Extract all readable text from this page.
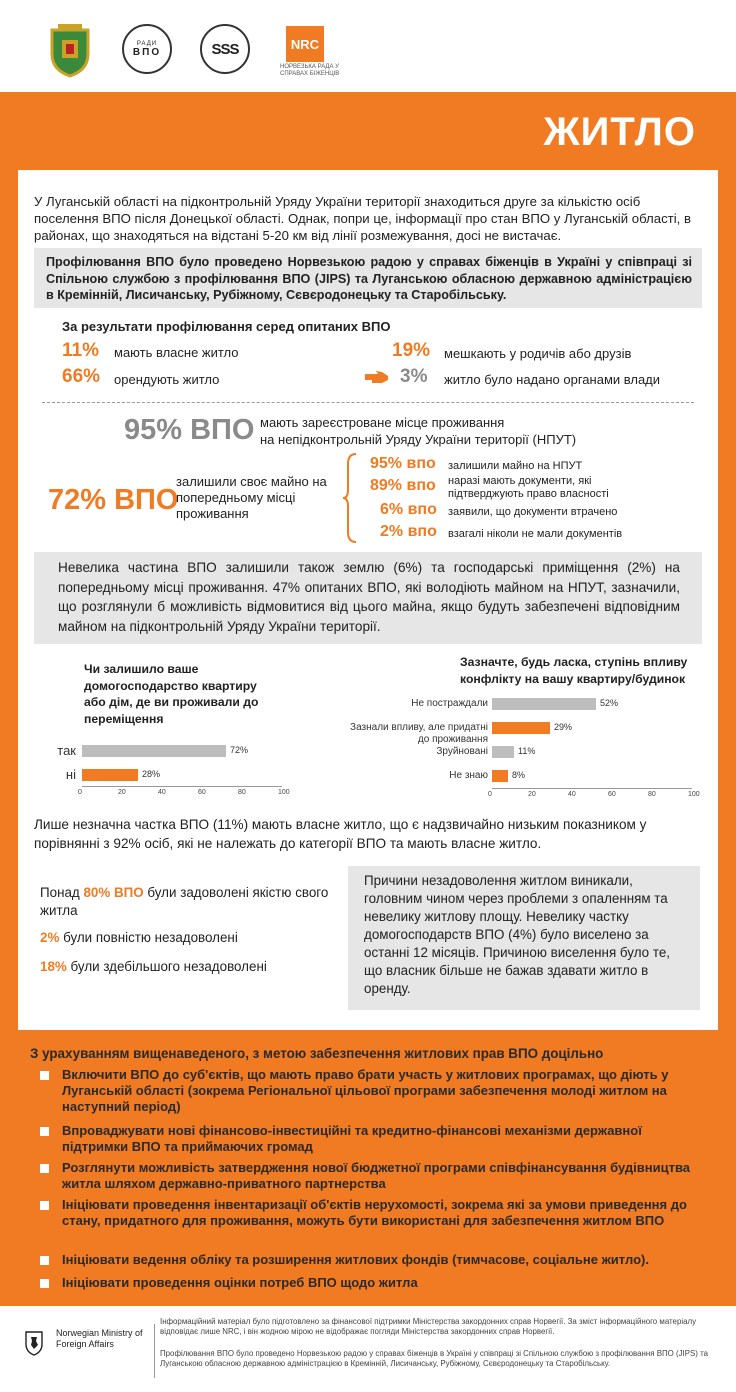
РАДИ
ВПО	SSS	NRC
НОРВЕЗЬКА РАДА У СПРАВАХ БІЖЕНЦІВ
ЖИТЛО
У Луганській області на підконтрольній Уряду України території знаходиться друге за кількістю осіб поселення ВПО після Донецької області. Однак, попри це, інформації про стан ВПО у Луганській області, в районах, що знаходяться на відстані 5-20 км від лінії розмежування, досі не вистачає.
Профілювання ВПО було проведено Норвезькою радою у справах біженців в Україні у співпраці зі Спільною службою з профілювання ВПО (JIPS) та Луганською обласною державною адміністрацією в Кремінній, Лисичанську, Рубіжному, Сєвєродонецьку та Старобільську.
За результати профілювання серед опитаних ВПО
11% мають власне житло
66% орендують житло
19% мешкають у родичів або друзів
3% житло було надано органами влади
95% ВПО мають зареєстроване місце проживання
на непідконтрольній Уряду України території (НПУТ)
72% ВПО
залишили своє майно на попередньому місці проживання
95% впо залишили майно на НПУТ
89% впо наразі мають документи, які підтверджують право власності
6% впо заявили, що документи втрачено
2% впо взагалі ніколи не мали документів
Невелика частина ВПО залишили також землю (6%) та господарські приміщення (2%) на попередньому місці проживання. 47% опитаних ВПО, які володіють майном на НПУТ, зазначили, що розглянули б можливість відмовитися від цього майна, якщо будуть забезпечені відповідним майном на підконтрольній Уряду України території.
Чи залишило ваше домогосподарство квартиру або дім, де ви проживали до переміщення
Зазначте, будь ласка, ступінь впливу конфлікту на вашу квартиру/будинок
Лише незначна частка ВПО (11%) мають власне житло, що є надзвичайно низьким показником у порівнянні з 92% осіб, які не належать до категорії ВПО та мають власне житло.
Понад 80% ВПО були задоволені якістю свого житла
2% були повністю незадоволені
18% були здебільшого незадоволені
Причини незадоволення житлом виникали, головним чином через проблеми з опаленням та невелику житлову площу. Невелику частку домогосподарств ВПО (4%) було виселено за останні 12 місяців. Причиною виселення було те, що власник більше не бажав здавати житло в оренду.
З урахуванням вищенаведеного, з метою забезпечення житлових прав ВПО доцільно
Включити ВПО до суб'єктів, що мають право брати участь у житлових програмах, що діють у Луганській області (зокрема Регіональної цільової програми забезпечення молоді житлом на наступний період)
Впроваджувати нові фінансово-інвестиційні та кредитно-фінансові механізми державної підтримки ВПО та приймаючих громад
Розглянути можливість затвердження нової бюджетної програми співфінансування будівництва житла шляхом державно-приватного партнерства
Ініціювати проведення інвентаризації об'єктів нерухомості, зокрема які за умови приведення до стану, придатного для проживання, можуть бути використані для забезпечення житлом ВПО
Ініціювати ведення обліку та розширення житлових фондів (тимчасове, соціальне житло).
Ініціювати проведення оцінки потреб ВПО щодо житла
Norwegian Ministry of Foreign Affairs
Інформаційний матеріал було підготовлено за фінансової підтримки Міністерства закордонних справ Норвегії. За зміст інформаційного матеріалу відповідає лише NRC, і він жодною мірою не відображає погляди Міністерства закордонних справ Норвегії.
Профілювання ВПО було проведено Норвезькою радою у справах біженців в Україні у співпраці зі Спільною службою з профілювання ВПО (JIPS) та Луганською обласною державною адміністрацією в Кремінній, Лисичанську, Рубіжному, Сєвєродонецьку та Старобільську.
так	72%
ні	28%
0	20	40	60	80	100
Не постраждали	52%
Зазнали впливу, але придатні до проживання
29%
Зруйновані	11%
Не знаю	8%
0	20	40	60	80	100
